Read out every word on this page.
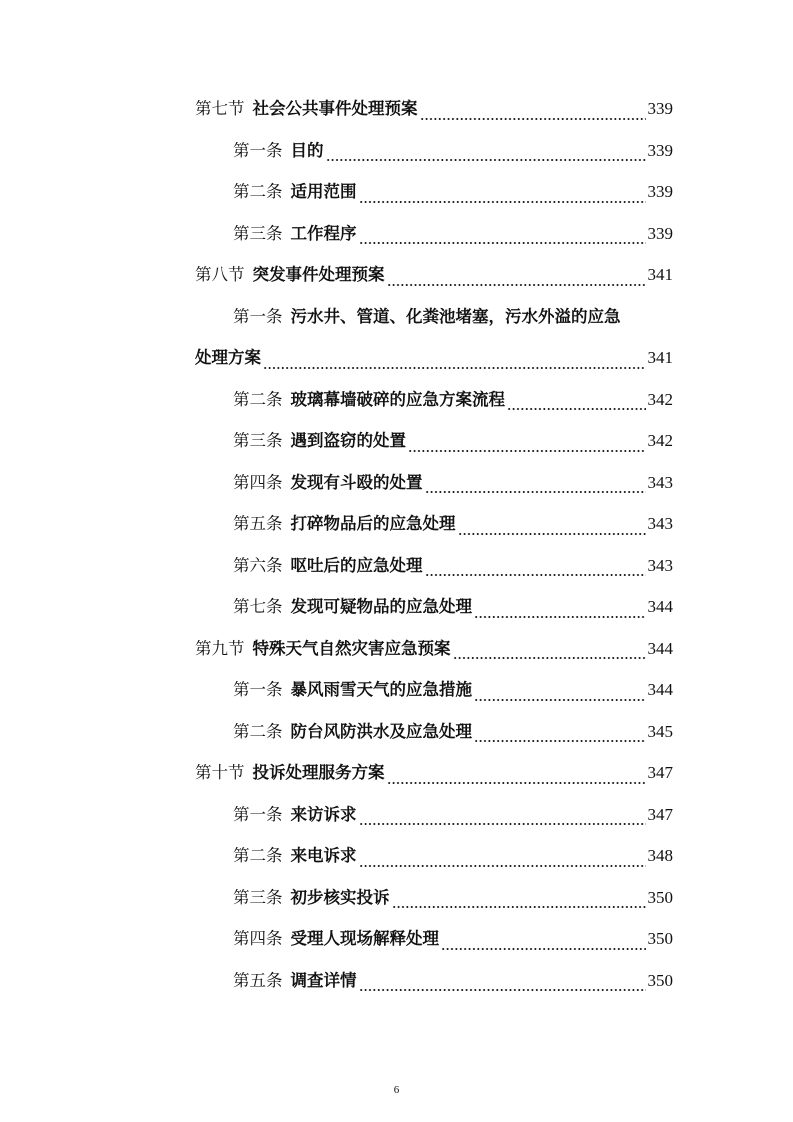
第七节 社会公共事件处理预案	339
第一条 目的	339
第二条 适用范围	339
第三条 工作程序	339
第八节 突发事件处理预案	341
第一条 污水井、管道、化粪池堵塞，污水外溢的应急
处理方案	341
第二条 玻璃幕墙破碎的应急方案流程	342
第三条 遇到盗窃的处置	342
第四条 发现有斗殴的处置	343
第五条 打碎物品后的应急处理	343
第六条 呕吐后的应急处理	343
第七条 发现可疑物品的应急处理	344
第九节 特殊天气自然灾害应急预案	344
第一条 暴风雨雪天气的应急措施	344
第二条 防台风防洪水及应急处理	345
第十节 投诉处理服务方案	347
第一条 来访诉求	347
第二条 来电诉求	348
第三条 初步核实投诉	350
第四条 受理人现场解释处理	350
第五条 调查详情	350
6
